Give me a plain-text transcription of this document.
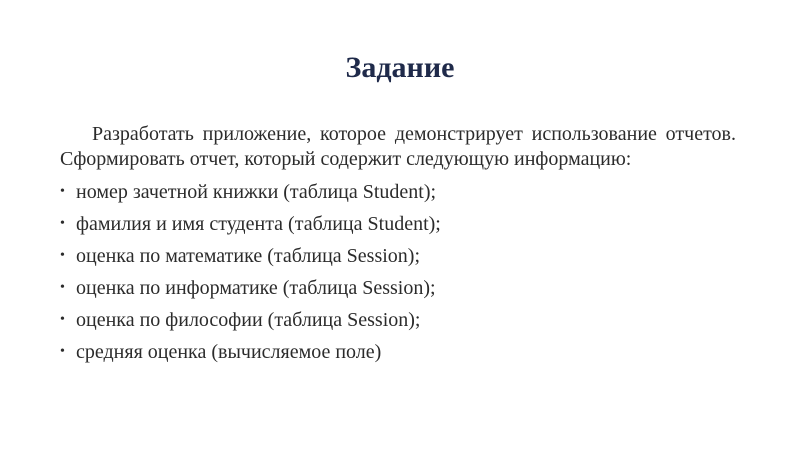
Задание

Разработать приложение, которое демонстрирует использование отчетов. Сформировать отчет, который содержит следующую информацию:

• номер зачетной книжки (таблица Student);
• фамилия и имя студента (таблица Student);
• оценка по математике (таблица Session);
• оценка по информатике (таблица Session);
• оценка по философии (таблица Session);
• средняя оценка (вычисляемое поле)
